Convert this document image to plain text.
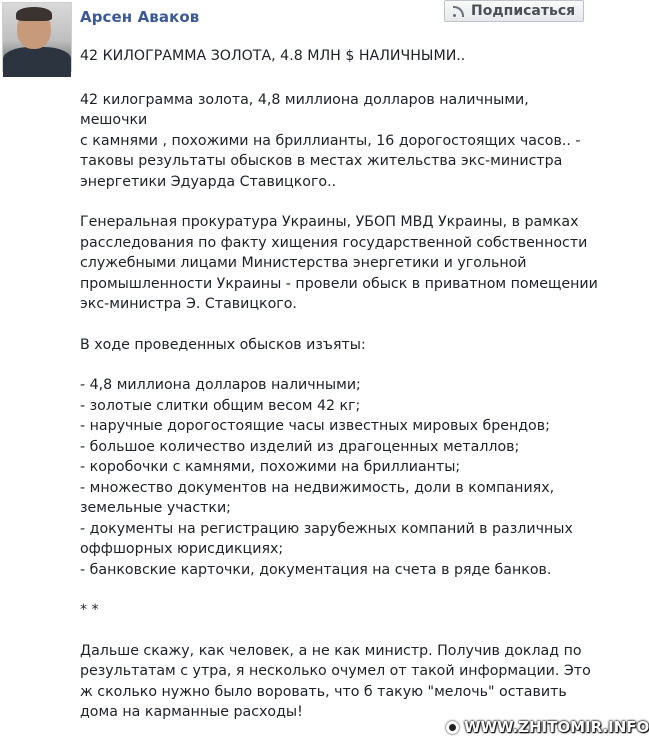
Арсен Аваков	Подписаться

42 КИЛОГРАММА ЗОЛОТА, 4.8 МЛН $ НАЛИЧНЫМИ..

42 килограмма золота, 4,8 миллиона долларов наличными, мешочки
с камнями , похожими на бриллианты, 16 дорогостоящих часов.. -
таковы результаты обысков в местах жительства экс-министра
энергетики Эдуарда Ставицкого..

Генеральная прокуратура Украины, УБОП МВД Украины, в рамках
расследования по факту хищения государственной собственности
служебными лицами Министерства энергетики и угольной
промышленности Украины - провели обыск в приватном помещении
экс-министра Э. Ставицкого.

В ходе проведенных обысков изъяты:

- 4,8 миллиона долларов наличными;
- золотые слитки общим весом 42 кг;
- наручные дорогостоящие часы известных мировых брендов;
- большое количество изделий из драгоценных металлов;
- коробочки с камнями, похожими на бриллианты;
- множество документов на недвижимость, доли в компаниях,
земельные участки;
- документы на регистрацию зарубежных компаний в различных
оффшорных юрисдикциях;
- банковские карточки, документация на счета в ряде банков.

* *

Дальше скажу, как человек, а не как министр. Получив доклад по
результатам с утра, я несколько очумел от такой информации. Это
ж сколько нужно было воровать, что б такую "мелочь" оставить
дома на карманные расходы!

WWW.ZHITOMIR.INFO
